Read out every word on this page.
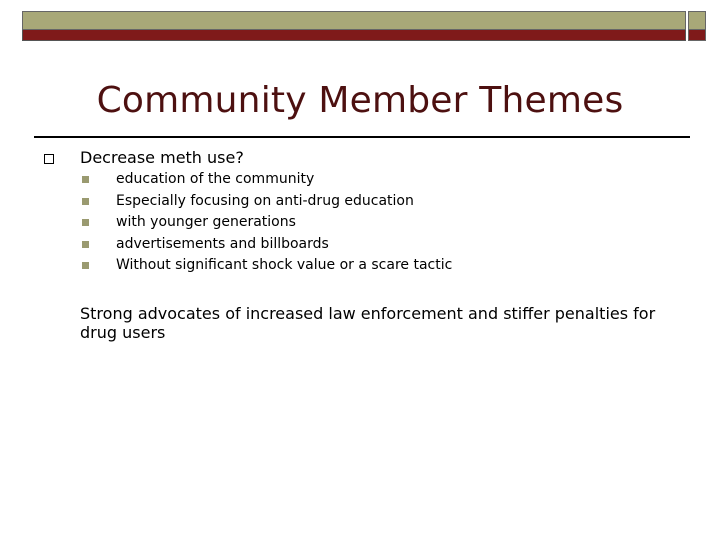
Community Member Themes
Decrease meth use?
education of the community
Especially focusing on anti-drug education
with younger generations
advertisements and billboards
Without significant shock value or a scare tactic
Strong advocates of increased law enforcement and stiffer penalties for drug users
